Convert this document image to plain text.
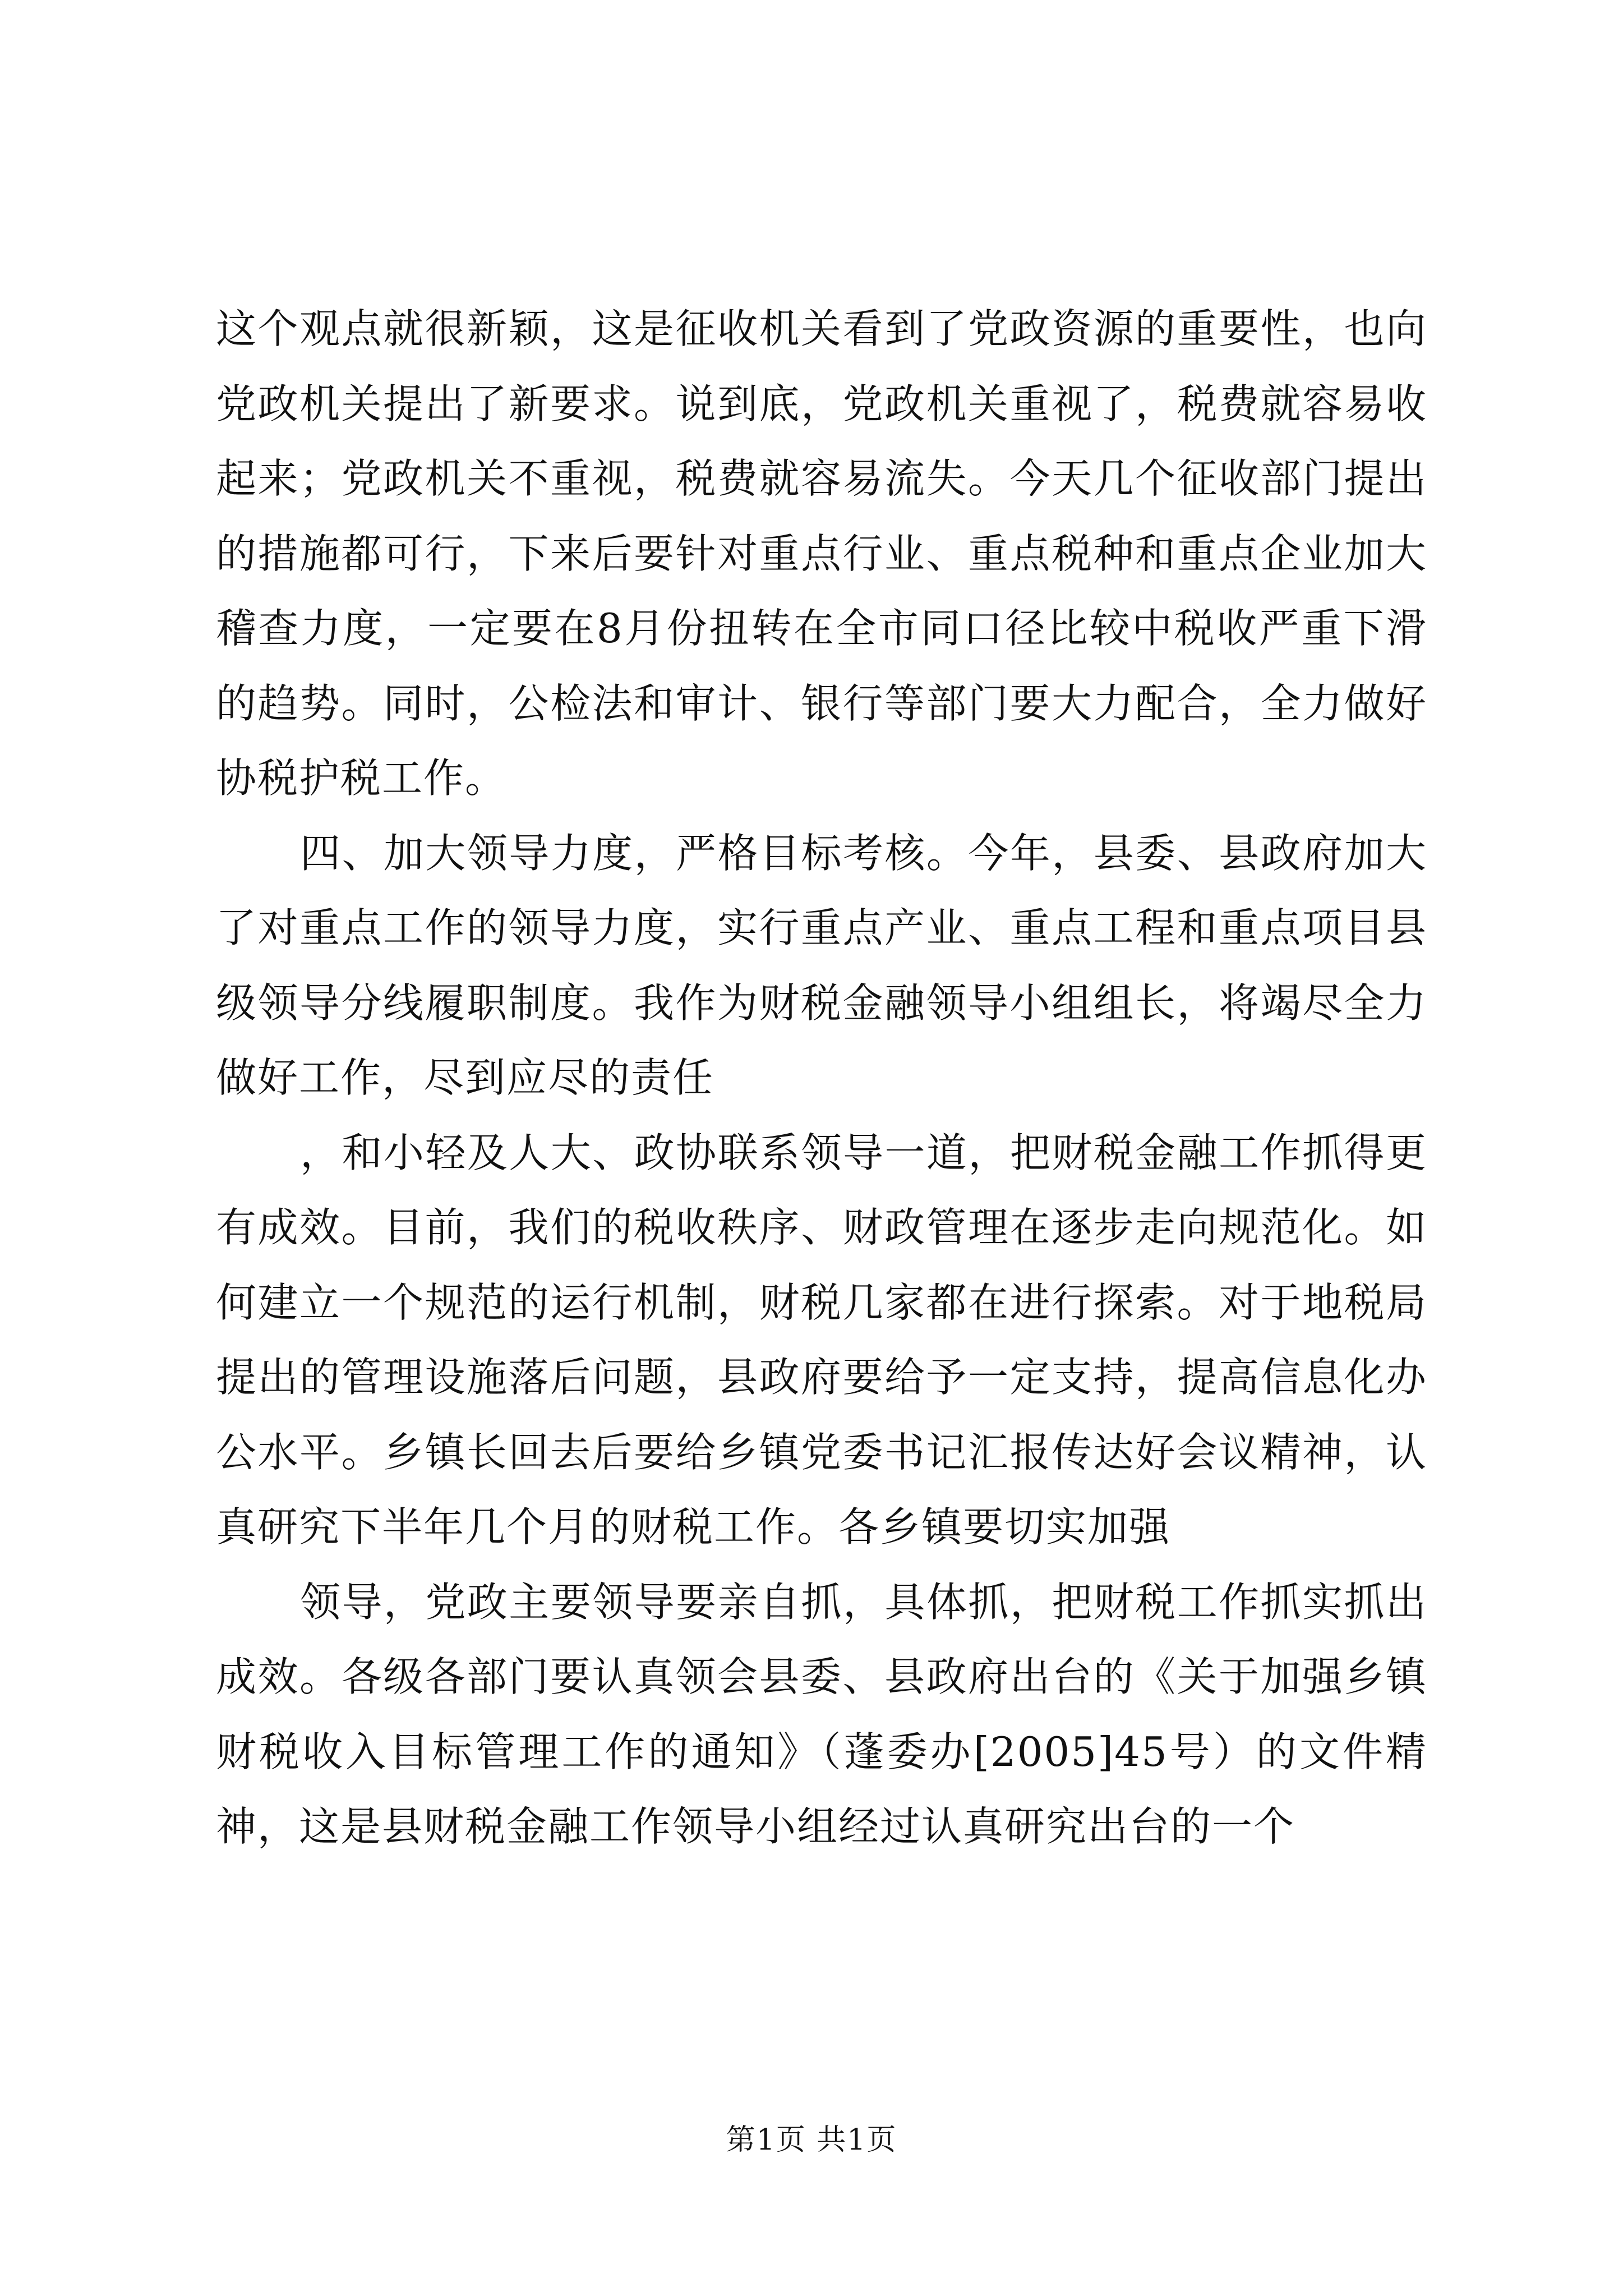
这个观点就很新颖，这是征收机关看到了党政资源的重要性，也向党政机关提出了新要求。说到底，党政机关重视了，税费就容易收起来；党政机关不重视，税费就容易流失。今天几个征收部门提出的措施都可行，下来后要针对重点行业、重点税种和重点企业加大稽查力度，一定要在8月份扭转在全市同口径比较中税收严重下滑的趋势。同时，公检法和审计、银行等部门要大力配合，全力做好协税护税工作。

四、加大领导力度，严格目标考核。今年，县委、县政府加大了对重点工作的领导力度，实行重点产业、重点工程和重点项目县级领导分线履职制度。我作为财税金融领导小组组长，将竭尽全力做好工作，尽到应尽的责任

，和小轻及人大、政协联系领导一道，把财税金融工作抓得更有成效。目前，我们的税收秩序、财政管理在逐步走向规范化。如何建立一个规范的运行机制，财税几家都在进行探索。对于地税局提出的管理设施落后问题，县政府要给予一定支持，提高信息化办公水平。乡镇长回去后要给乡镇党委书记汇报传达好会议精神，认真研究下半年几个月的财税工作。各乡镇要切实加强

领导，党政主要领导要亲自抓，具体抓，把财税工作抓实抓出成效。各级各部门要认真领会县委、县政府出台的《关于加强乡镇财税收入目标管理工作的通知》（蓬委办[2005]45号）的文件精神，这是县财税金融工作领导小组经过认真研究出台的一个

第1页 共1页
